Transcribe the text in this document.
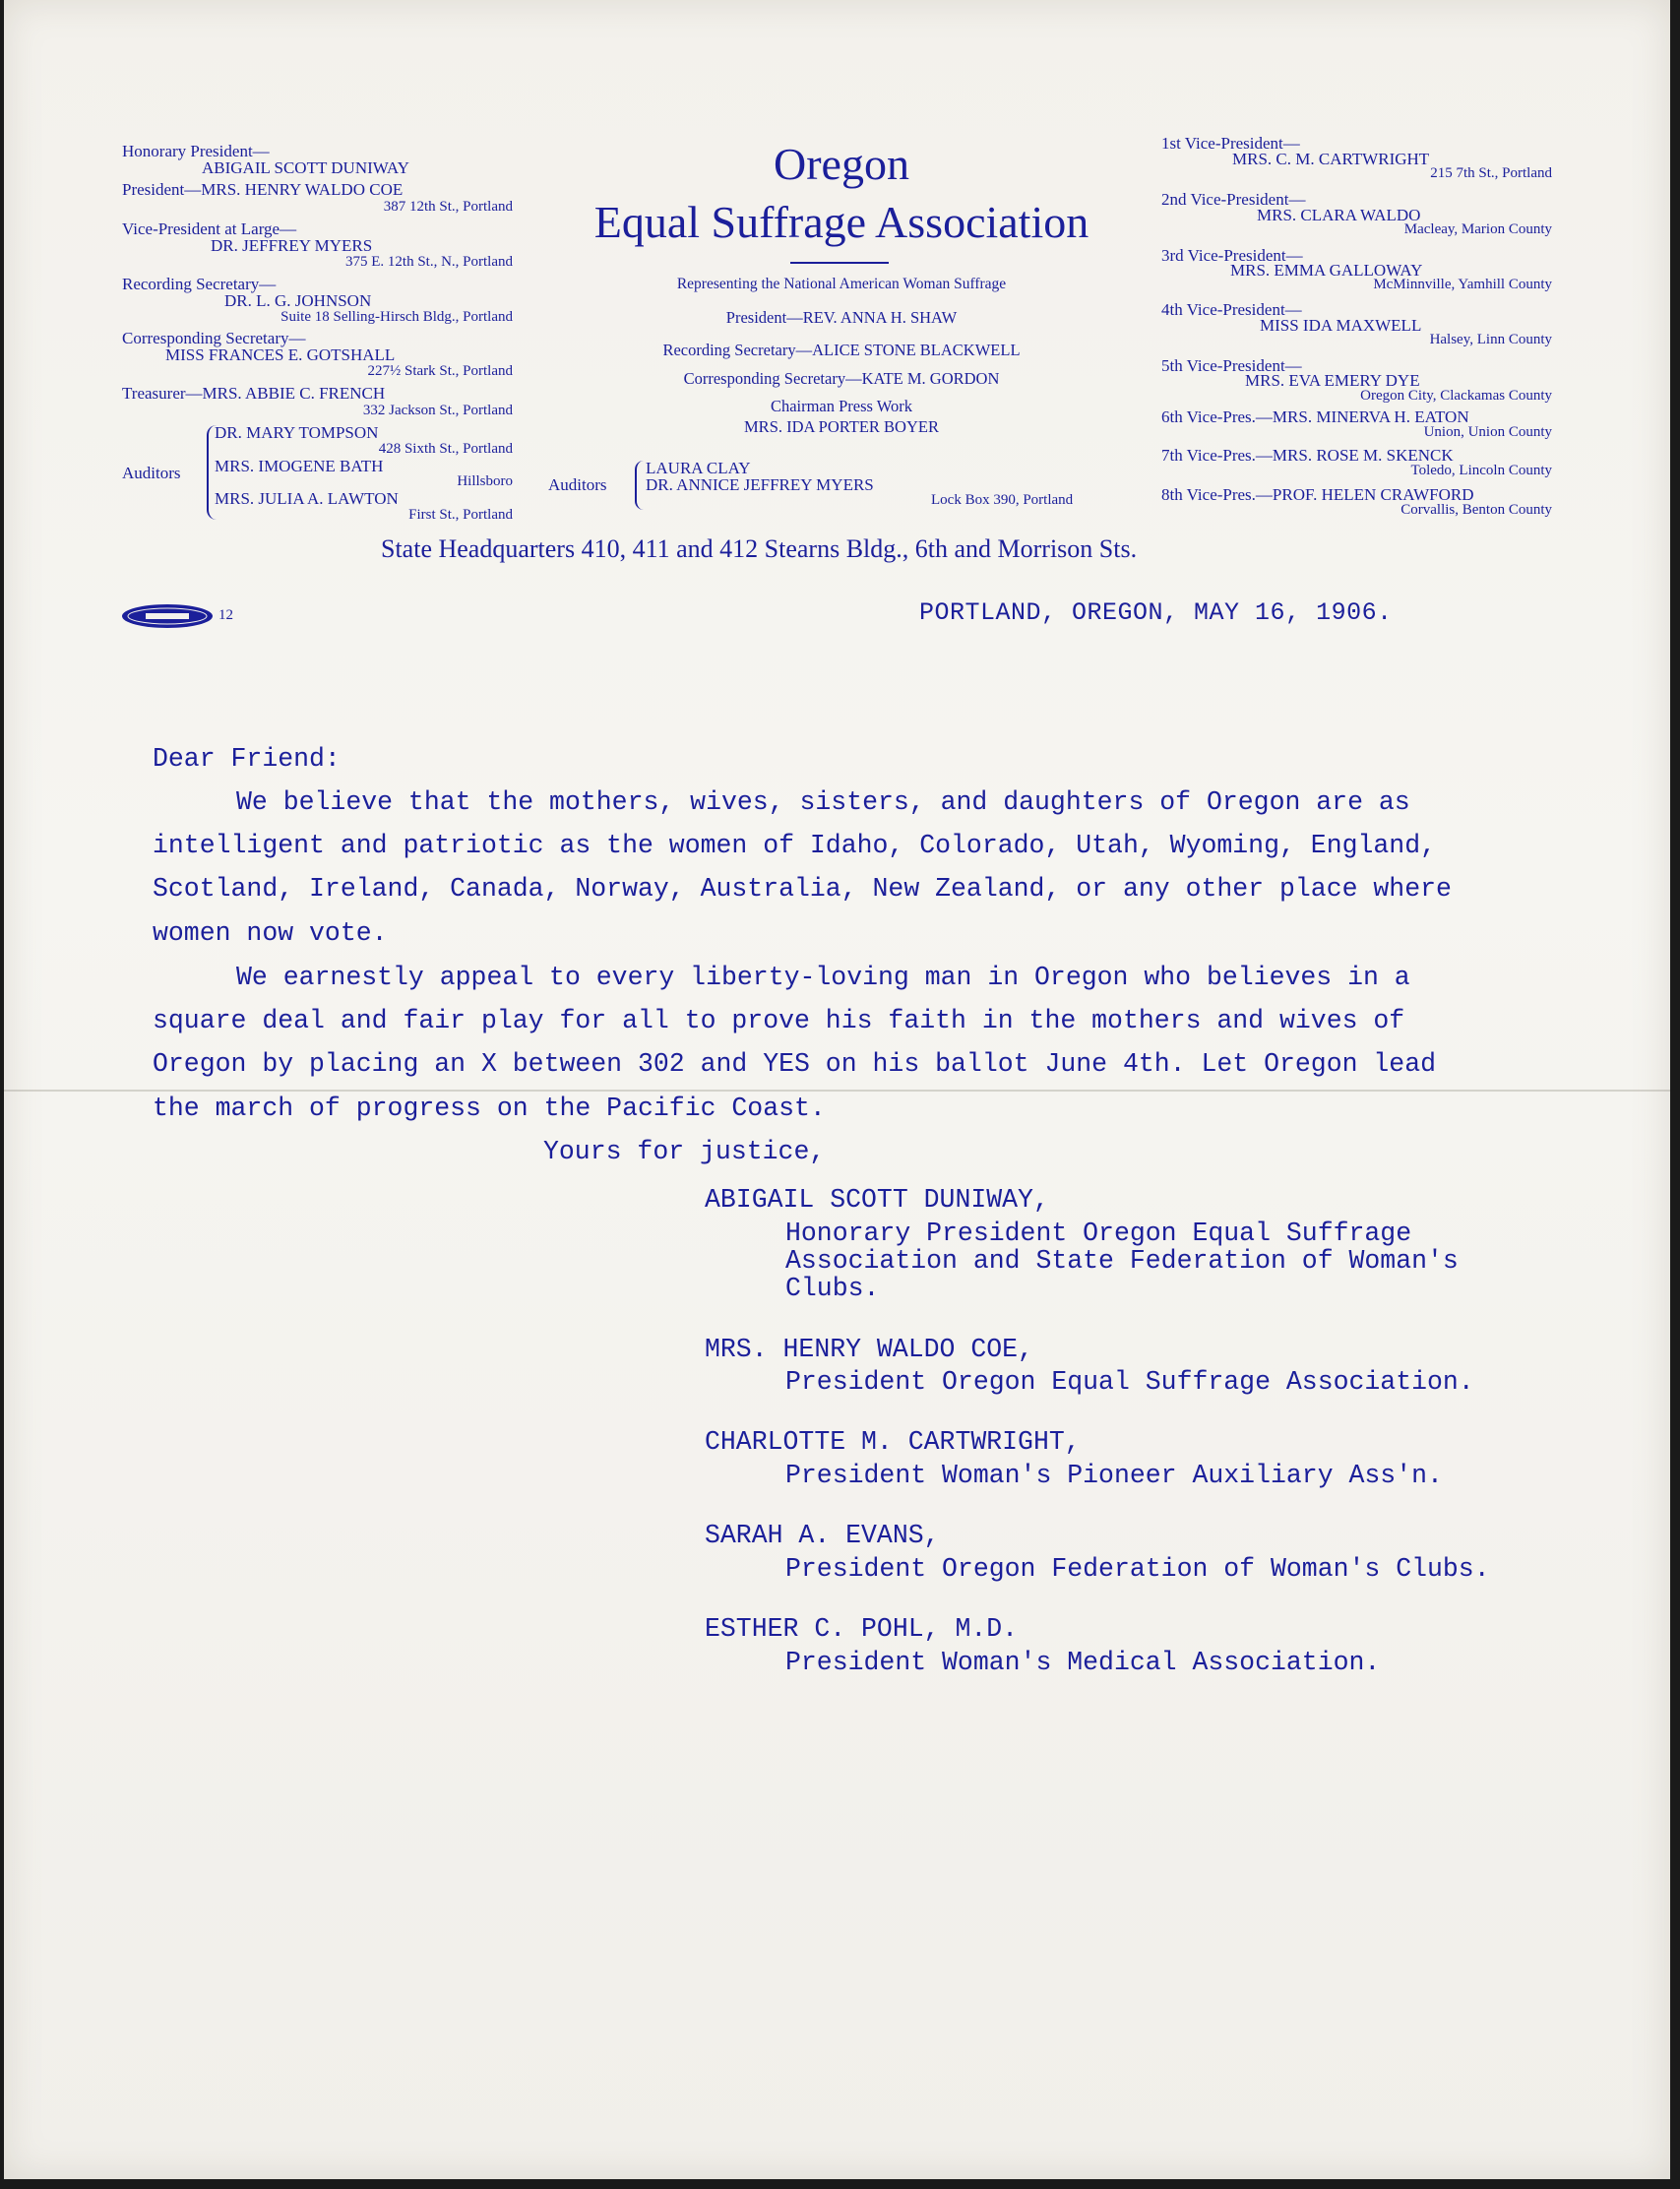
Honorary President—
ABIGAIL SCOTT DUNIWAY
President—MRS. HENRY WALDO COE
387 12th St., Portland
Vice-President at Large—
DR. JEFFREY MYERS
375 E. 12th St., N., Portland
Recording Secretary—
DR. L. G. JOHNSON
Suite 18 Selling-Hirsch Bldg., Portland
Corresponding Secretary—
MISS FRANCES E. GOTSHALL
227½ Stark St., Portland
Treasurer—MRS. ABBIE C. FRENCH
332 Jackson St., Portland
Auditors
DR. MARY TOMPSON
428 Sixth St., Portland
MRS. IMOGENE BATH
Hillsboro
MRS. JULIA A. LAWTON
First St., Portland
Oregon
Equal Suffrage Association
Representing the National American Woman Suffrage
President—REV. ANNA H. SHAW
Recording Secretary—ALICE STONE BLACKWELL
Corresponding Secretary—KATE M. GORDON
Chairman Press Work
MRS. IDA PORTER BOYER
Auditors
LAURA CLAY
DR. ANNICE JEFFREY MYERS
Lock Box 390, Portland
1st Vice-President—
MRS. C. M. CARTWRIGHT
215 7th St., Portland
2nd Vice-President—
MRS. CLARA WALDO
Macleay, Marion County
3rd Vice-President—
MRS. EMMA GALLOWAY
McMinnville, Yamhill County
4th Vice-President—
MISS IDA MAXWELL
Halsey, Linn County
5th Vice-President—
MRS. EVA EMERY DYE
Oregon City, Clackamas County
6th Vice-Pres.—MRS. MINERVA H. EATON
Union, Union County
7th Vice-Pres.—MRS. ROSE M. SKENCK
Toledo, Lincoln County
8th Vice-Pres.—PROF. HELEN CRAWFORD
Corvallis, Benton County
State Headquarters 410, 411 and 412 Stearns Bldg., 6th and Morrison Sts.
12	PORTLAND, OREGON, MAY 16, 1906.
Dear Friend:
We believe that the mothers, wives, sisters, and daughters of Oregon are as
intelligent and patriotic as the women of Idaho, Colorado, Utah, Wyoming, England,
Scotland, Ireland, Canada, Norway, Australia, New Zealand, or any other place where
women now vote.
We earnestly appeal to every liberty-loving man in Oregon who believes in a
square deal and fair play for all to prove his faith in the mothers and wives of
Oregon by placing an X between 302 and YES on his ballot June 4th. Let Oregon lead
the march of progress on the Pacific Coast.
Yours for justice,
ABIGAIL SCOTT DUNIWAY,
Honorary President Oregon Equal Suffrage
Association and State Federation of Woman's
Clubs.
MRS. HENRY WALDO COE,
President Oregon Equal Suffrage Association.
CHARLOTTE M. CARTWRIGHT,
President Woman's Pioneer Auxiliary Ass'n.
SARAH A. EVANS,
President Oregon Federation of Woman's Clubs.
ESTHER C. POHL, M.D.
President Woman's Medical Association.
